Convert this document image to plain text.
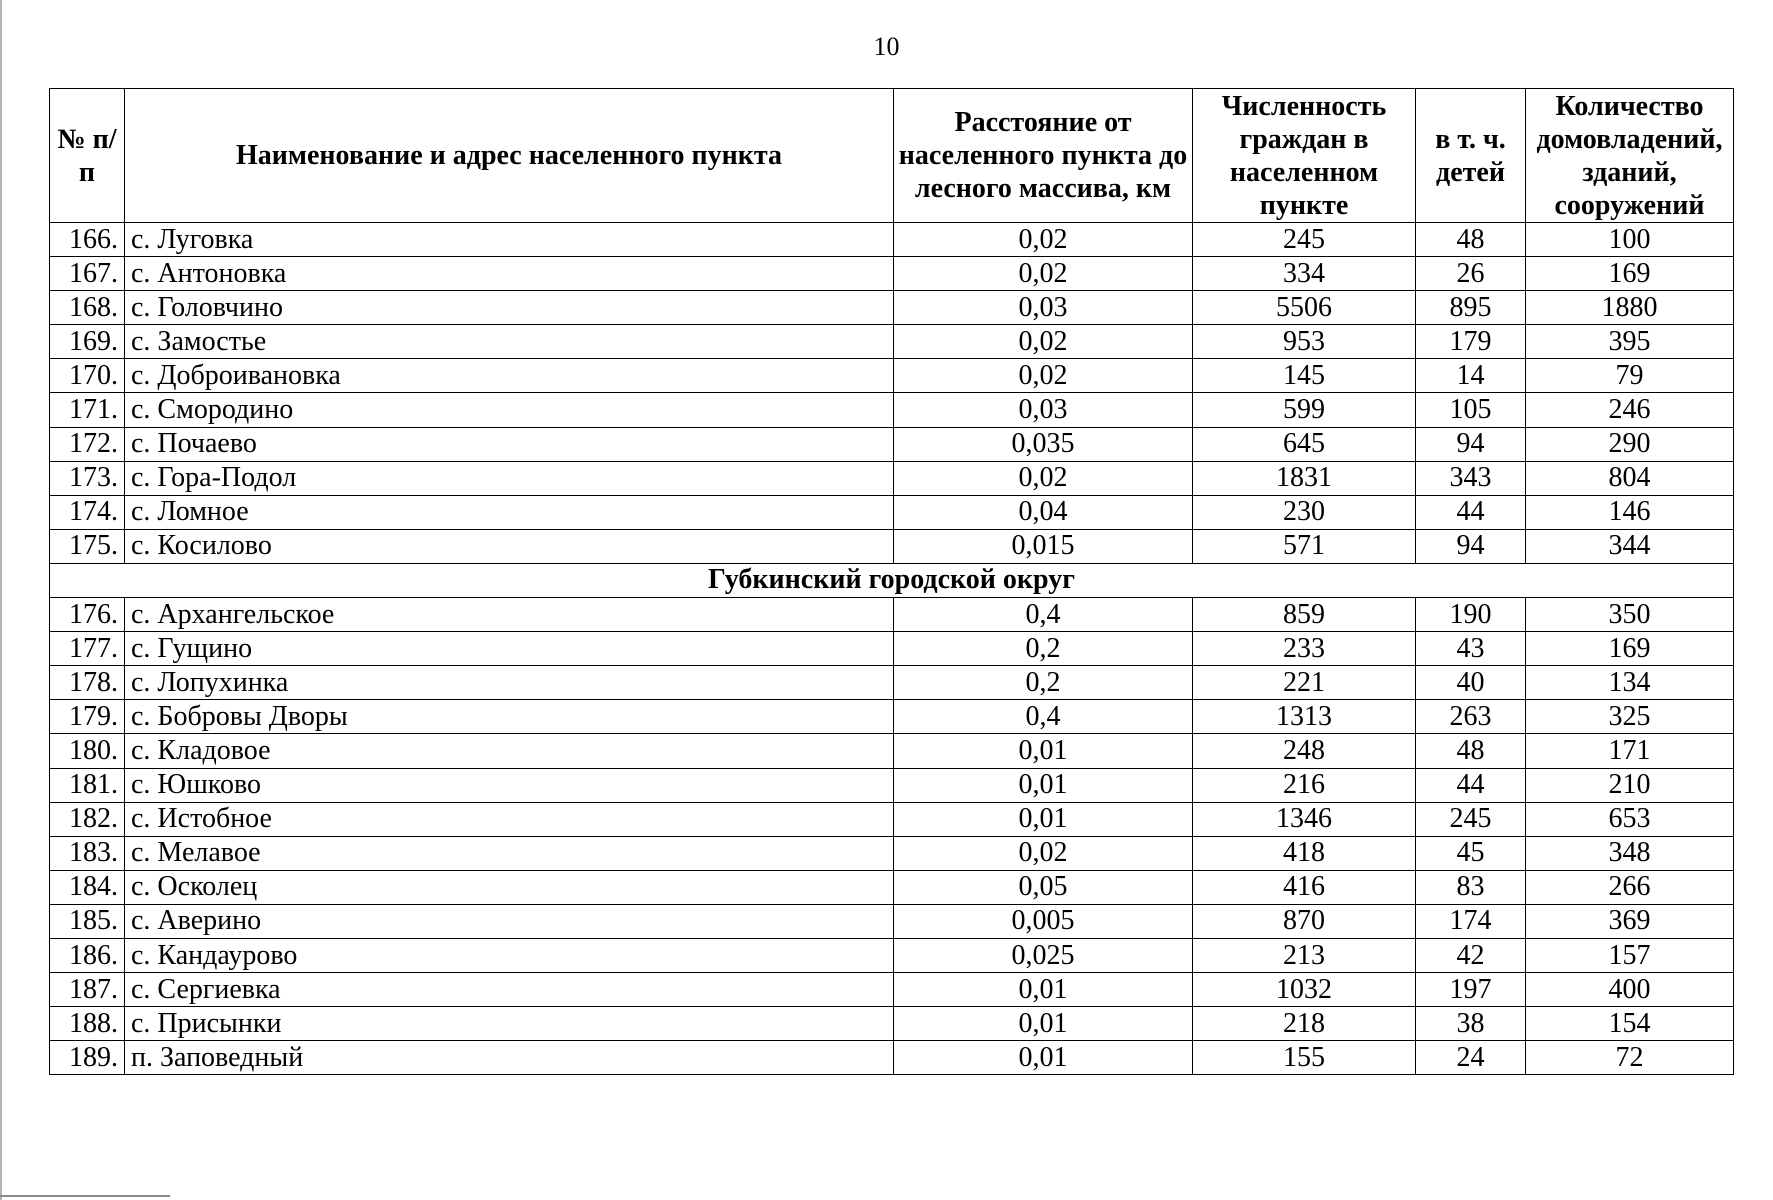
10
№ п/п	Наименование и адрес населенного пункта	Расстояние от населенного пункта до лесного массива, км	Численность граждан в населенном пункте	в т. ч. детей	Количество домовладений, зданий, сооружений
166.	с. Луговка	0,02	245	48	100
167.	с. Антоновка	0,02	334	26	169
168.	с. Головчино	0,03	5506	895	1880
169.	с. Замостье	0,02	953	179	395
170.	с. Доброивановка	0,02	145	14	79
171.	с. Смородино	0,03	599	105	246
172.	с. Почаево	0,035	645	94	290
173.	с. Гора-Подол	0,02	1831	343	804
174.	с. Ломное	0,04	230	44	146
175.	с. Косилово	0,015	571	94	344
Губкинский городской округ					
176.	с. Архангельское	0,4	859	190	350
177.	с. Гущино	0,2	233	43	169
178.	с. Лопухинка	0,2	221	40	134
179.	с. Бобровы Дворы	0,4	1313	263	325
180.	с. Кладовое	0,01	248	48	171
181.	с. Юшково	0,01	216	44	210
182.	с. Истобное	0,01	1346	245	653
183.	с. Мелавое	0,02	418	45	348
184.	с. Осколец	0,05	416	83	266
185.	с. Аверино	0,005	870	174	369
186.	с. Кандаурово	0,025	213	42	157
187.	с. Сергиевка	0,01	1032	197	400
188.	с. Присынки	0,01	218	38	154
189.	п. Заповедный	0,01	155	24	72
